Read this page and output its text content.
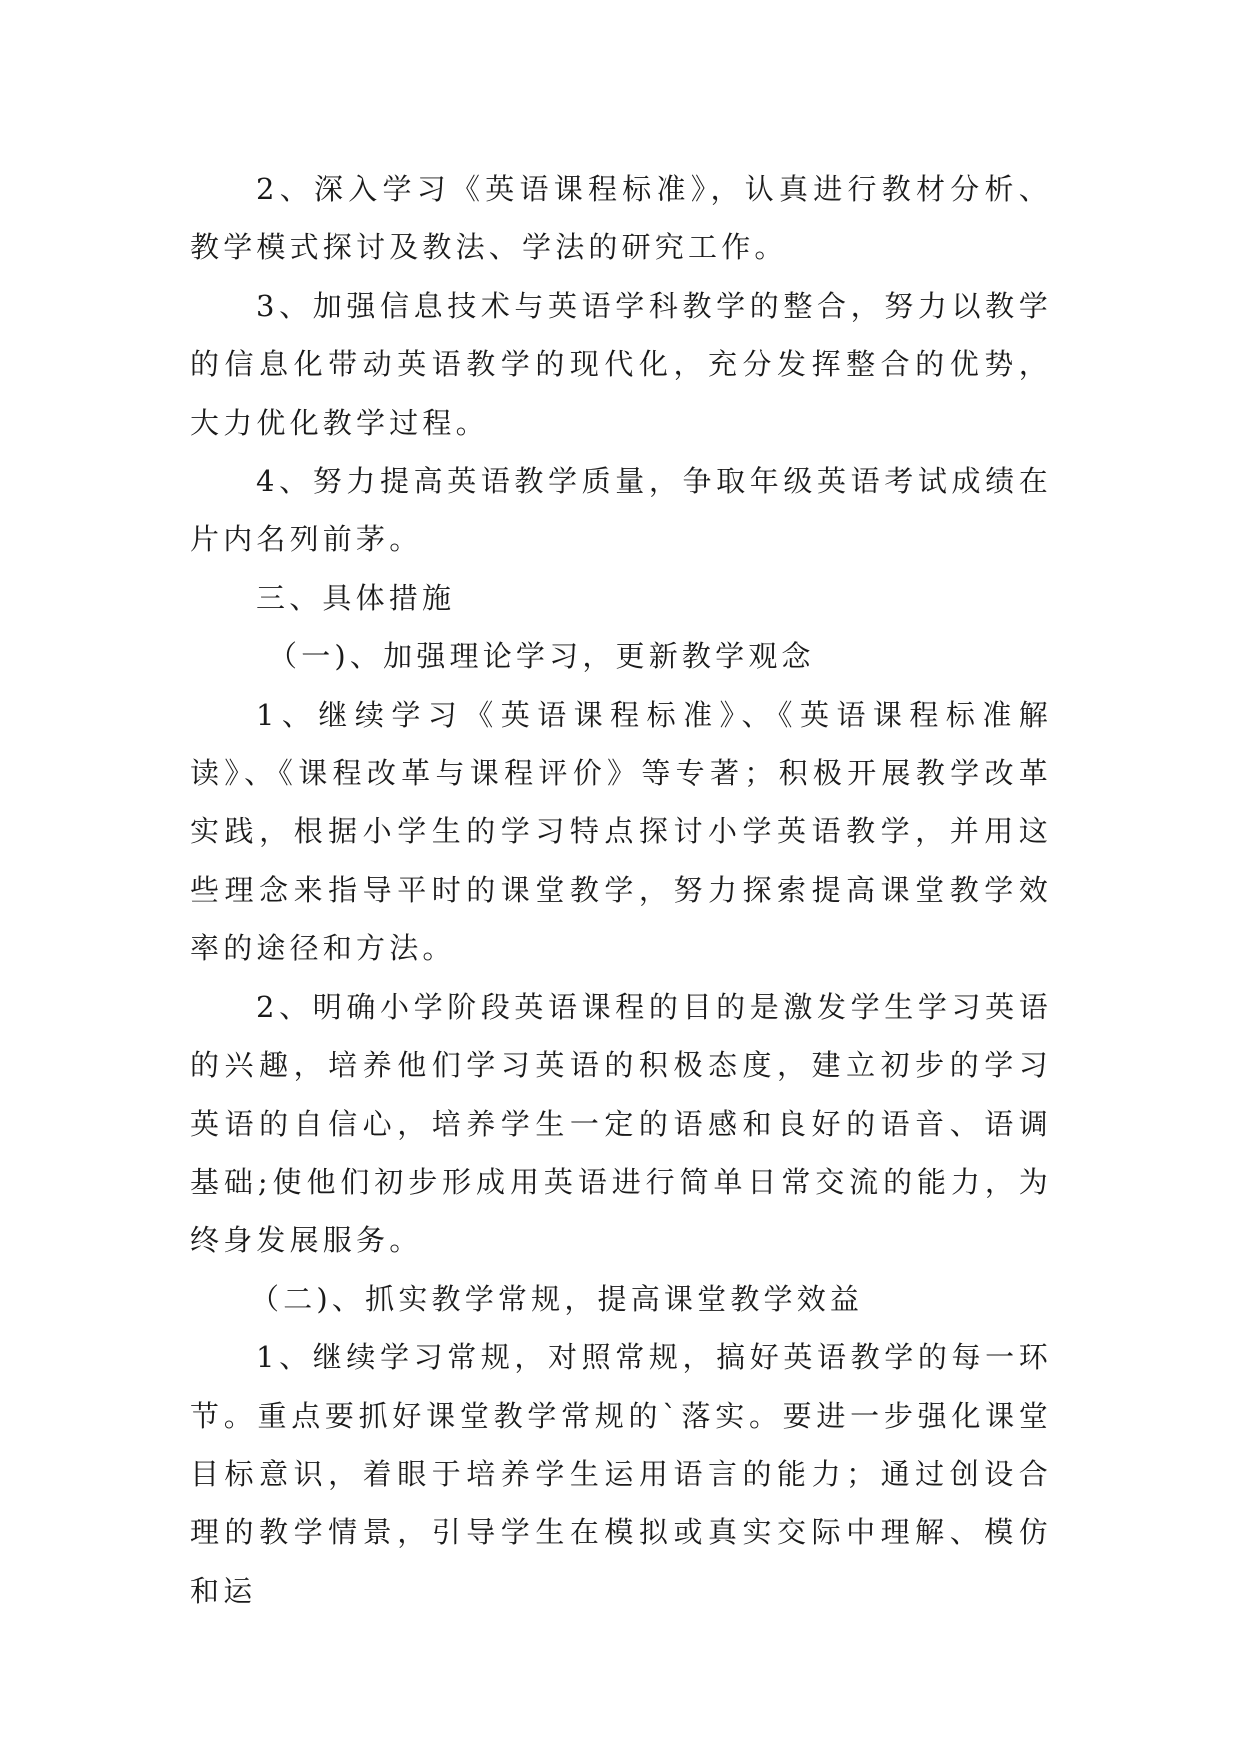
2、深入学习《英语课程标准》，认真进行教材分析、教学模式探讨及教法、学法的研究工作。

3、加强信息技术与英语学科教学的整合，努力以教学的信息化带动英语教学的现代化，充分发挥整合的优势，大力优化教学过程。

4、努力提高英语教学质量，争取年级英语考试成绩在片内名列前茅。

三、具体措施

（一)、加强理论学习，更新教学观念

1、继续学习《英语课程标准》、《英语课程标准解读》、《课程改革与课程评价》等专著；积极开展教学改革实践，根据小学生的学习特点探讨小学英语教学，并用这些理念来指导平时的课堂教学，努力探索提高课堂教学效率的途径和方法。

2、明确小学阶段英语课程的目的是激发学生学习英语的兴趣，培养他们学习英语的积极态度，建立初步的学习英语的自信心，培养学生一定的语感和良好的语音、语调基础;使他们初步形成用英语进行简单日常交流的能力，为终身发展服务。

（二)、抓实教学常规，提高课堂教学效益

1、继续学习常规，对照常规，搞好英语教学的每一环节。重点要抓好课堂教学常规的`落实。要进一步强化课堂目标意识，着眼于培养学生运用语言的能力；通过创设合理的教学情景，引导学生在模拟或真实交际中理解、模仿和运
